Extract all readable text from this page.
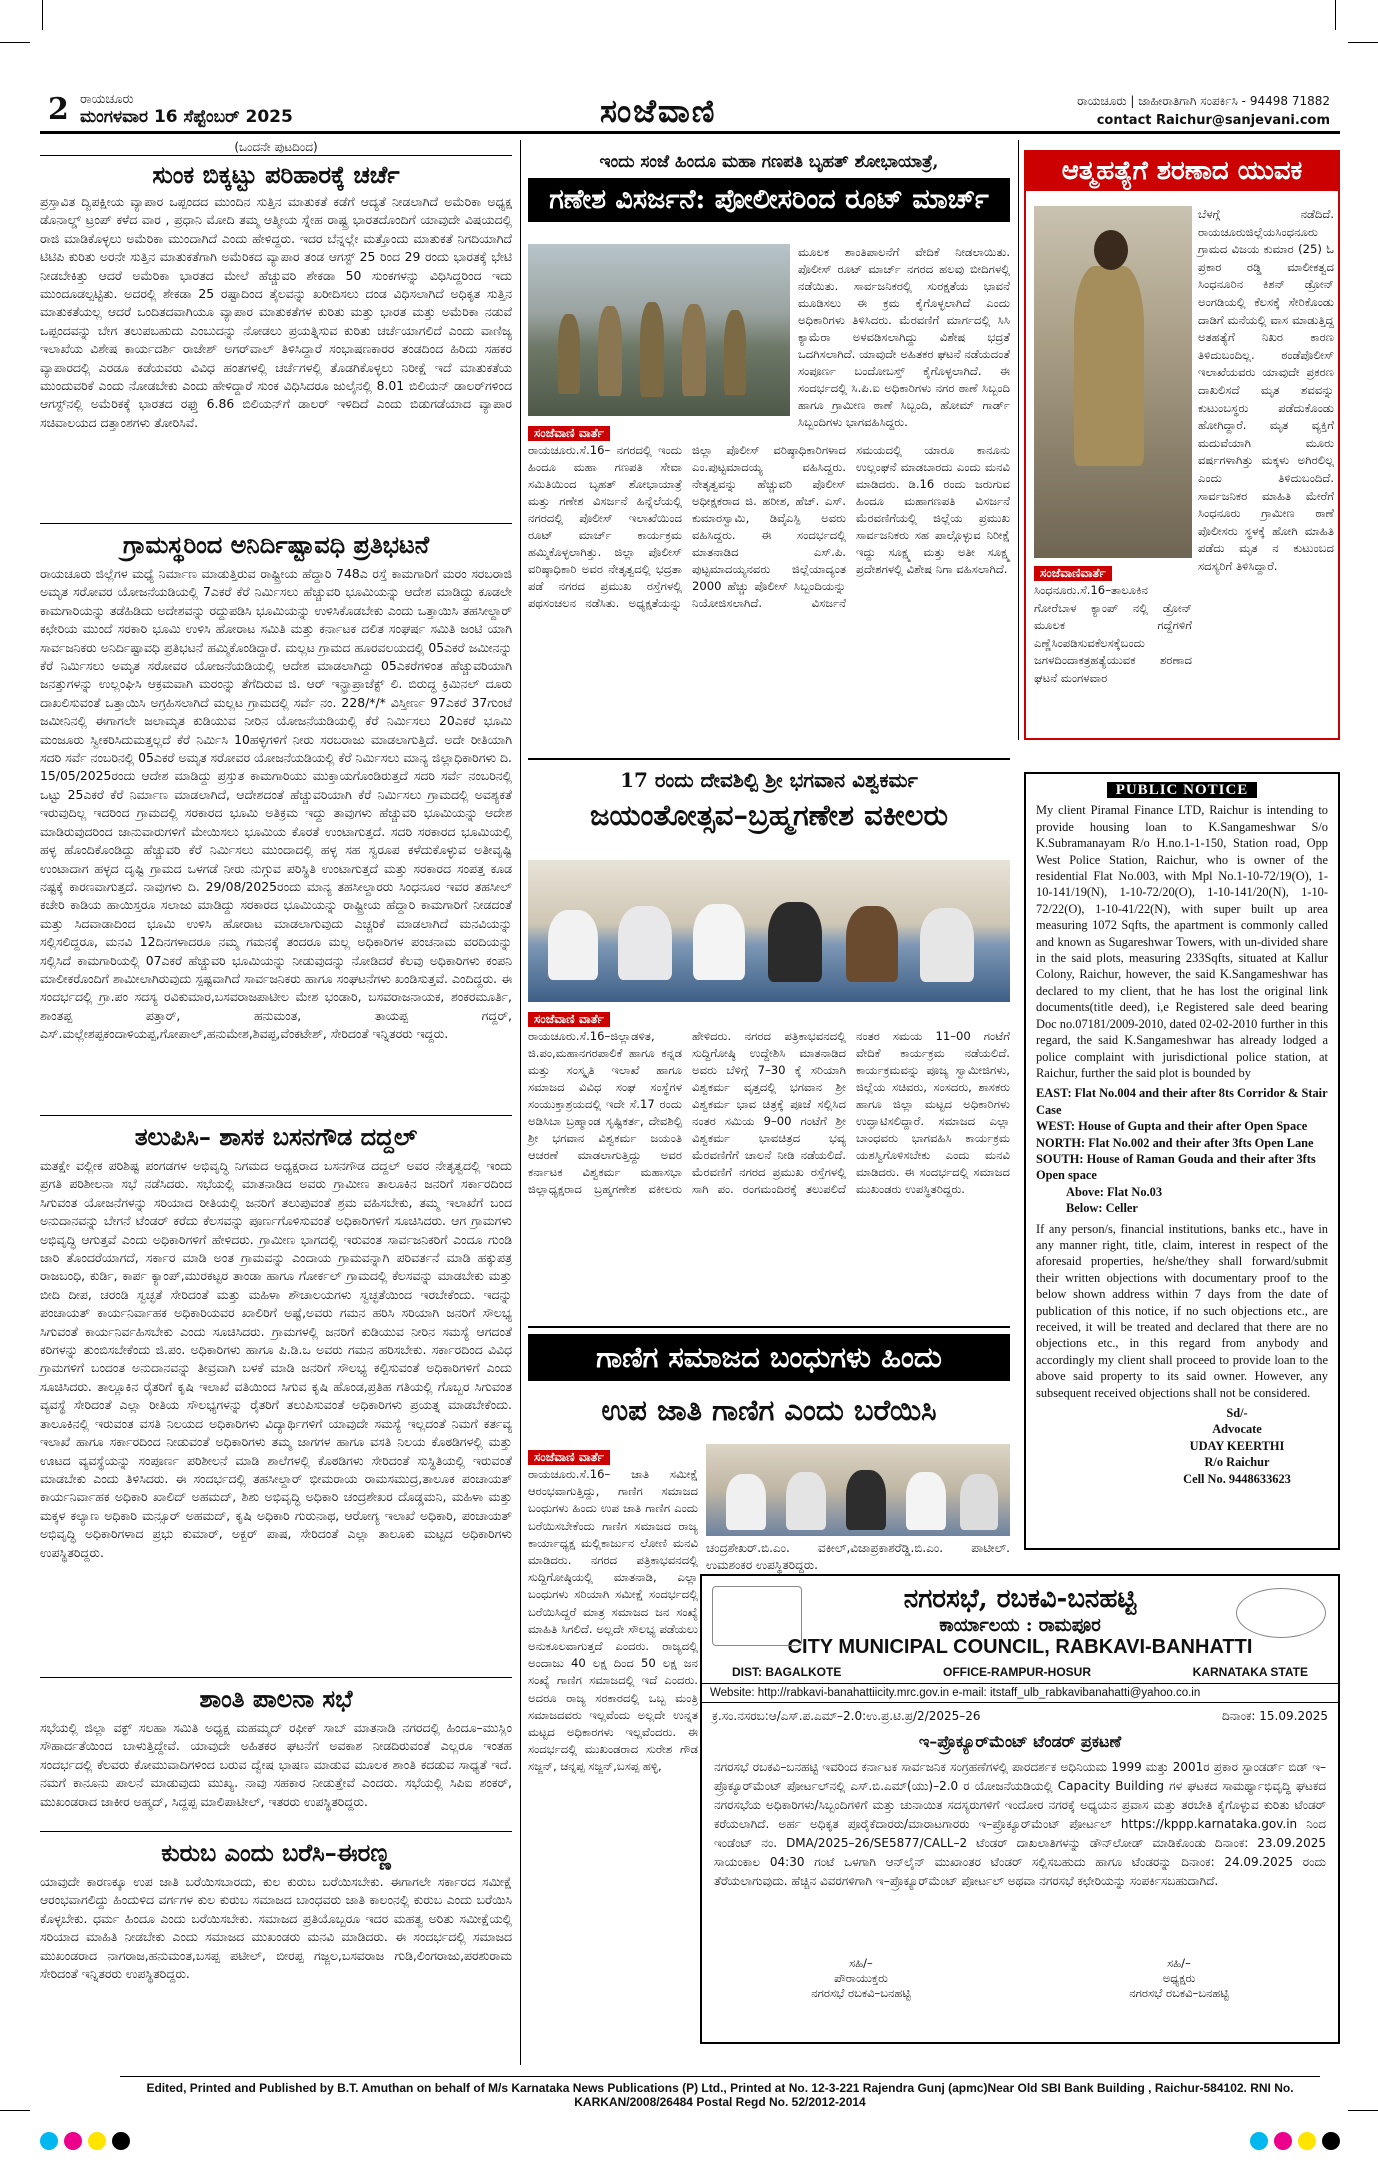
2 ರಾಯಚೂರು
ಮಂಗಳವಾರ 16 ಸೆಪ್ಟೆಂಬರ್ 2025	ಸಂಜೆವಾಣಿ	ರಾಯಚೂರು | ಜಾಹೀರಾತಿಗಾಗಿ ಸಂಪರ್ಕಿಸಿ - 94498 71882
contact Raichur@sanjevani.com
(ಒಂದನೇ ಪುಟದಿಂದ)
ಸುಂಕ ಬಿಕ್ಕಟ್ಟು ಪರಿಹಾರಕ್ಕೆ ಚರ್ಚೆ
ಪ್ರಸ್ತಾವಿತ ದ್ವಿಪಕ್ಷೀಯ ವ್ಯಾಪಾರ ಒಪ್ಪಂದದ ಮುಂದಿನ ಸುತ್ತಿನ ಮಾತುಕತೆ ಕಡೆಗೆ ಆದ್ಯತೆ ನೀಡಲಾಗಿದೆ ಅಮೆರಿಕಾ ಅಧ್ಯಕ್ಷ ಡೊನಾಲ್ಡ್ ಟ್ರಂಪ್ ಕಳೆದ ವಾರ , ಪ್ರಧಾನಿ ಮೋದಿ ತಮ್ಮ ಆತ್ಮೀಯ ಸ್ನೇಹ ರಾಷ್ಟ್ರ ಭಾರತದೊಂದಿಗೆ ಯಾವುದೇ ವಿಷಯದಲ್ಲಿ ರಾಜಿ ಮಾಡಿಕೊಳ್ಳಲು ಅಮೆರಿಕಾ ಮುಂದಾಗಿದೆ ಎಂದು ಹೇಳಿದ್ದರು. ಇದರ ಬೆನ್ನಲ್ಲೇ ಮತ್ತೊಂದು ಮಾತುಕತೆ ನಿಗದಿಯಾಗಿದೆ ಟಿಟಿಪಿ ಕುರಿತು ಅರನೇ ಸುತ್ತಿನ ಮಾತುಕತೆಗಾಗಿ ಅಮೆರಿಕದ ವ್ಯಾಪಾರ ತಂಡ ಆಗಸ್ಟ್ 25 ರಿಂದ 29 ರಂದು ಭಾರತಕ್ಕೆ ಭೇಟಿ ನೀಡಬೇಕಿತ್ತು ಆದರೆ ಅಮೆರಿಕಾ ಭಾರತದ ಮೇಲೆ ಹೆಚ್ಚುವರಿ ಶೇಕಡಾ 50 ಸುಂಕಗಳನ್ನು ವಿಧಿಸಿದ್ದರಿಂದ ಇದು ಮುಂದೂಡಲ್ಪಟ್ಟಿತು. ಅದರಲ್ಲಿ ಶೇಕಡಾ 25 ರಷ್ಟಾದಿಂದ ತೈಲವನ್ನು ಖರೀದಿಸಲು ದಂಡ ವಿಧಿಸಲಾಗಿದೆ ಅಧಿಕೃತ ಸುತ್ತಿನ ಮಾತುಕತೆಯಲ್ಲ ಆದರೆ ಒಂದಿತದವಾಗಿಯೂ ವ್ಯಾಪಾರ ಮಾತುಕತೆಗಳ ಕುರಿತು ಮತ್ತು ಭಾರತ ಮತ್ತು ಅಮೆರಿಕಾ ನಡುವೆ ಒಪ್ಪಂದವನ್ನು ಬೇಗ ತಲುಪಬಹುದು ಎಂಬುದನ್ನು ನೋಡಲು ಪ್ರಯತ್ನಿಸುವ ಕುರಿತು ಚರ್ಚೆಯಾಗಲಿದೆ ಎಂದು ವಾಣಿಜ್ಯ ಇಲಾಖೆಯ ವಿಶೇಷ ಕಾರ್ಯದರ್ಶಿ ರಾಜೇಶ್ ಅಗರ್‌ವಾಲ್ ತಿಳಿಸಿದ್ದಾರೆ ಸಂಭಾಷಣಕಾರರ ತಂಡದಿಂದ ಹಿರಿದು ಸಹಕರ ವ್ಯಾಪಾರದಲ್ಲಿ ಎರಡೂ ಕಡೆಯವರು ವಿವಿಧ ಹಂತಗಳಲ್ಲಿ ಚರ್ಚೆಗಳಲ್ಲಿ ತೊಡಗಿಕೊಳ್ಳಲು ನಿರೀಕ್ಷೆ ಇದೆ ಮಾತುಕತೆಯ ಮುಂದುವರಿಕೆ ಎಂದು ನೋಡಬೇಕು ಎಂದು ಹೇಳಿದ್ದಾರೆ ಸುಂಕ ವಿಧಿಸಿದರೂ ಜುಲೈನಲ್ಲಿ 8.01 ಬಿಲಿಯನ್ ಡಾಲರ್‌ಗಳಿಂದ ಆಗಸ್ಟ್‌ನಲ್ಲಿ ಅಮೆರಿಕಕ್ಕೆ ಭಾರತದ ರಫ್ತು 6.86 ಬಿಲಿಯನ್‌ಗೆ ಡಾಲರ್ ಇಳಿದಿದೆ ಎಂದು ಬಿಡುಗಡೆಯಾದ ವ್ಯಾಪಾರ ಸಚಿವಾಲಯದ ದತ್ತಾಂಶಗಳು ತೋರಿಸಿವೆ.
ಗ್ರಾಮಸ್ಥರಿಂದ ಅನಿರ್ದಿಷ್ಟಾವಧಿ ಪ್ರತಿಭಟನೆ
ರಾಯಚೂರು ಜಿಲ್ಲೆಗಳ ಮಧ್ಯೆ ನಿರ್ಮಾಣ ಮಾಡುತ್ತಿರುವ ರಾಷ್ಟ್ರೀಯ ಹೆದ್ದಾರಿ 748ಎ ರಸ್ತೆ ಕಾಮಗಾರಿಗೆ ಮರಂ ಸರಬರಾಜಿ ಅಮೃತ ಸರೋವರ ಯೋಜನೆಯಡಿಯಲ್ಲಿ 7ಎಕರೆ ಕೆರೆ ನಿರ್ಮಿಸಲು ಹೆಚ್ಚುವರಿ ಭೂಮಿಯನ್ನು ಆದೇಶ ಮಾಡಿದ್ದು ಕೂಡಲೇ ಕಾಮಗಾರಿಯನ್ನು ತಡೆಹಿಡಿದು ಅದೇಶವನ್ನು ರದ್ದುಪಡಿಸಿ ಭೂಮಿಯನ್ನು ಉಳಿಸಿಕೊಡಬೇಕು ಎಂದು ಒತ್ತಾಯಿಸಿ ತಹಸೀಲ್ದಾರ್ ಕಛೇರಿಯ ಮುಂದೆ ಸರಕಾರಿ ಭೂಮಿ ಉಳಿಸಿ ಹೋರಾಟ ಸಮಿತಿ ಮತ್ತು ಕರ್ನಾಟಕ ದಲಿತ ಸಂಘರ್ಷ ಸಮಿತಿ ಜಂಟಿ ಯಾಗಿ ಸಾರ್ವಜನಿಕರು ಅನಿರ್ದಿಷ್ಟಾವಧಿ ಪ್ರತಿಭಟನೆ ಹಮ್ಮಿಕೊಂಡಿದ್ದಾರೆ. ಮಲ್ಲಟ ಗ್ರಾಮದ ಹೂರವಲಯದಲ್ಲಿ 05ಎಕರೆ ಜಮೀನನ್ನು ಕೆರೆ ನಿರ್ಮಿಸಲು ಅಮೃತ ಸರೋವರ ಯೋಜನೆಯಡಿಯಲ್ಲಿ ಆದೇಶ ಮಾಡಲಾಗಿದ್ದು 05ಎಕರೆಗಳಿಂತ ಹೆಚ್ಚುವರಿಯಾಗಿ ಜನತ್ತುಗಳನ್ನು ಉಲ್ಲಂಘಿಸಿ ಆಕ್ರಮವಾಗಿ ಮರಂನ್ನು ತೆಗೆದಿರುವ ಜಿ. ಆರ್ ಇನ್ಫ್ರಾಪ್ರಾಜೆಕ್ಟ್ ಲಿ. ಬಿರುದ್ಧ ಕ್ರಿಮಿನಲ್ ದೂರು ದಾಖಲಿಸುವಂತೆ ಒತ್ತಾಯಿಸಿ ಅಗ್ರಹಿಸಲಾಗಿದೆ ಮಲ್ಲಟ ಗ್ರಾಮದಲ್ಲಿ ಸರ್ವೆ ನಂ. 228/*/* ವಿಸ್ತೀರ್ಣ 97ಎಕರೆ 37ಗುಂಟೆ ಜಮೀನಿನಲ್ಲಿ ಈಗಾಗಲೇ ಜಲಾಮೃತ ಕುಡಿಯುವ ನೀರಿನ ಯೋಜನೆಯಡಿಯಲ್ಲಿ ಕೆರೆ ನಿರ್ಮಿಸಲು 20ಎಕರೆ ಭೂಮಿ ಮಂಜೂರು ಸ್ವೀಕರಿಸಿದುಮತ್ತಲ್ಲದೆ ಕೆರೆ ನಿರ್ಮಿಸಿ 10ಹಳ್ಳಿಗಳಿಗೆ ನೀರು ಸರಬರಾಜು ಮಾಡಲಾಗುತ್ತಿದೆ. ಅದೇ ರೀತಿಯಾಗಿ ಸದರಿ ಸರ್ವೆ ನಂಬರಿನಲ್ಲಿ 05ಎಕರೆ ಅಮೃತ ಸರೋವರ ಯೋಜನೆಯಡಿಯಲ್ಲಿ ಕೆರೆ ನಿರ್ಮಿಸಲು ಮಾನ್ಯ ಜಿಲ್ಲಾಧಿಕಾರಿಗಳು ದಿ. 15/05/2025ರಂದು ಆದೇಶ ಮಾಡಿದ್ದು ಪ್ರಸ್ತುತ ಕಾಮಗಾರಿಯು ಮುಕ್ತಾಯಗೊಂಡಿರುತ್ತದೆ ಸದರಿ ಸರ್ವೆ ನಂಬರಿನಲ್ಲಿ ಒಟ್ಟು 25ಎಕರೆ ಕೆರೆ ನಿರ್ಮಾಣ ಮಾಡಲಾಗಿದೆ, ಆದೇಶದಂತೆ ಹೆಚ್ಚುವರಿಯಾಗಿ ಕೆರೆ ನಿರ್ಮಿಸಲು ಗ್ರಾಮದಲ್ಲಿ ಅವಶ್ಯಕತೆ ಇರುವುದಿಲ್ಲ ಇದರಿಂದ ಗ್ರಾಮದಲ್ಲಿ ಸರಕಾರದ ಭೂಮಿ ಅತಿಕ್ರಮ ಇದ್ದು ತಾವುಗಳು ಹೆಚ್ಚುವರಿ ಭೂಮಿಯನ್ನು ಆದೇಶ ಮಾಡಿರುವುದರಿಂದ ಜಾನುವಾರುಗಳಿಗೆ ಮೇಯಿಸಲು ಭೂಮಿಯ ಕೊರತೆ ಉಂಟಾಗುತ್ತದೆ. ಸದರಿ ಸರಕಾರದ ಭೂಮಿಯಲ್ಲಿ ಹಳ್ಳ ಹೊಂದಿಕೊಂಡಿದ್ದು ಹೆಚ್ಚುವರಿ ಕೆರೆ ನಿರ್ಮಿಸಲು ಮುಂದಾದಲ್ಲಿ ಹಳ್ಳ ಸಹ ಸ್ವರೂಪ ಕಳೆದುಕೊಳ್ಳುವ ಅತೀವೃಷ್ಟಿ ಉಂಟಾದಾಗ ಹಳ್ಳದ ದೃಷ್ಟಿ ಗ್ರಾಮದ ಒಳಗಡೆ ನೀರು ನುಗ್ಗುವ ಪರಿಸ್ಥಿತಿ ಉಂಟಾಗುತ್ತದೆ ಮತ್ತು ಸರಕಾರದ ಸಂಪತ್ತ ಕೂಡ ನಷ್ಟಕ್ಕೆ ಕಾರಣವಾಗುತ್ತದೆ. ನಾವುಗಳು ದಿ. 29/08/2025ರಂದು ಮಾನ್ಯ ತಹಸೀಲ್ದಾರರು ಸಿಂಧನೂರ ಇವರ ತಹಸೀಲ್ ಕಚೇರಿ ಕಾಡಿಯ ಹಾಯಿಸ್ತರೂ ಸಲಾಜು ಮಾಡಿದ್ದು ಸರಕಾರದ ಭೂಮಿಯನ್ನು ರಾಷ್ಟ್ರೀಯ ಹೆದ್ದಾರಿ ಕಾಮಗಾರಿಗೆ ನೀಡದಂತೆ ಮತ್ತು ಸಿದವಾಡಾದಿಂದ ಭೂಮಿ ಉಳಿಸಿ ಹೋರಾಟ ಮಾಡಲಾಗುವುದು ಎಚ್ಚರಿಕೆ ಮಾಡಲಾಗಿದೆ ಮನವಿಯನ್ನು ಸಲ್ಲಿಸಲಿದ್ದರೂ, ಮನವಿ 12ದಿನಗಳಾದರೂ ನಮ್ಮ ಗಮನಕ್ಕೆ ತಂದರೂ ಮಲ್ಲ ಅಧಿಕಾರಿಗಳ ಪಂಚನಾಮ ವರದಿಯನ್ನು ಸಲ್ಲಿಸಿದೆ ಕಾಮಗಾರಿಯಲ್ಲಿ 07ಎಕರೆ ಹೆಚ್ಚುವರಿ ಭೂಮಿಯನ್ನು ನೀಡುವುದನ್ನು ನೋಡಿದರೆ ಕೆಲವು ಅಧಿಕಾರಿಗಳು ಕಂಪನಿ ಮಾಲೀಕರೊಂದಿಗೆ ಶಾಮೀಲಾಗಿರುವುದು ಸ್ಪಷ್ಟವಾಗಿದೆ ಸಾರ್ವಜನಿಕರು ಹಾಗೂ ಸಂಘಟನೆಗಳು ಖಂಡಿಸುತ್ತವೆ. ಎಂದಿದ್ದರು. ಈ ಸಂದರ್ಭದಲ್ಲಿ ಗ್ರಾ.ಪಂ ಸದಸ್ಯ ರವಿಕುಮಾರ,ಬಸವರಾಜಪಾಟೀಲ ಮೇಶ ಭಂಡಾರಿ, ಬಸವರಾಜನಾಯಕ, ಶಂಕರಮೂರ್ತಿ, ಶಾಂತಪ್ಪ ಪತ್ತಾರ್, ಹನುಮಂತ, ತಾಯಪ್ಪ ಗದ್ದರ್, ಎಸ್.ಮಲ್ಲೇಶಪ್ಪಕಂದಾಳಿಯಪ್ಪ,ಗೋಪಾಲ್,ಹನುಮೇಶ,ಶಿವಪ್ಪ,ವೆಂಕಟೇಶ್, ಸೇರಿದಂತೆ ಇನ್ನಿತರರು ಇದ್ದರು.
ತಲುಪಿಸಿ– ಶಾಸಕ ಬಸನಗೌಡ ದದ್ದಲ್
ಮತಕ್ಷೇ ವಲ್ಲೀಕ ಪರಿಶಿಷ್ಟ ಪಂಗಡಗಳ ಅಭಿವೃದ್ಧಿ ನಿಗಮದ ಅಧ್ಯಕ್ಷರಾದ ಬಸನಗೌಡ ದದ್ದಲ್ ಅವರ ನೇತೃತ್ವದಲ್ಲಿ ಇಂದು ಪ್ರಗತಿ ಪರಿಶೀಲನಾ ಸಭೆ ನಡೆಸಿದರು. ಸಭೆಯಲ್ಲಿ ಮಾತನಾಡಿದ ಅವರು ಗ್ರಾಮೀಣ ತಾಲೂಕಿನ ಜನರಿಗೆ ಸರ್ಕಾರದಿಂದ ಸಿಗುವಂತ ಯೋಜನೆಗಳನ್ನು ಸರಿಯಾದ ರೀತಿಯಲ್ಲಿ ಜನರಿಗೆ ತಲುಪುವಂತೆ ಶ್ರಮ ವಹಿಸಬೇಕು, ತಮ್ಮ ಇಲಾಖೆಗೆ ಬಂದ ಅನುದಾನವನ್ನು ಬೇಗನೆ ಟೆಂಡರ್ ಕರೆದು ಕೆಲಸವನ್ನು ಪೂರ್ಣಗೊಳಿಸುವಂತೆ ಅಧಿಕಾರಿಗಳಿಗೆ ಸೂಚಿಸಿದರು. ಆಗ ಗ್ರಾಮಗಳು ಅಭಿವೃದ್ಧಿ ಆಗುತ್ತವೆ ಎಂದು ಅಧಿಕಾರಿಗಳಿಗೆ ಹೇಳಿದರು. ಗ್ರಾಮೀಣ ಭಾಗದಲ್ಲಿ ಇರುವಂತ ಸಾರ್ವಜನಿಕರಿಗೆ ಎಂದೂ ಗುಂಡಿ ಜಾರಿ ತೊಂದರೆಯಾಗದೆ, ಸರ್ಕಾರ ಮಾಡಿ ಅಂತ ಗ್ರಾಮವನ್ನು ಎಂದಾಯ ಗ್ರಾಮವನ್ನಾಗಿ ಪರಿವರ್ತನೆ ಮಾಡಿ ಹಕ್ಕುಪತ್ರ ರಾಜಬಂಧಿ, ಕುರ್ಡಿ, ಕಾರ್ಪ ಕ್ಯಾಂಪ್,ಮುರಕಟ್ಟರ ತಾಂಡಾ ಹಾಗೂ ಗೋರ್ಕಲ್ ಗ್ರಾಮದಲ್ಲಿ ಕೆಲಸವನ್ನು ಮಾಡಬೇಕು ಮತ್ತು ಬೀದಿ ದೀಪ, ಚರಂಡಿ ಸ್ವಚ್ಛತೆ ಸೇರಿದಂತೆ ಮತ್ತು ಮಹಿಳಾ ಶೌಚಾಲಯಗಳು ಸ್ವಚ್ಛತೆಯಿಂದ ಇರಬೇಕೆಂದು. ಇದನ್ನು ಪಂಚಾಯತ್ ಕಾರ್ಯನಿರ್ವಾಹಕ ಅಧಿಕಾರಿಯವರ ಖಾಲಿರಿಗೆ ಅಷ್ಟೆ,ಅವರು ಗಮನ ಹರಿಸಿ ಸರಿಯಾಗಿ ಜನರಿಗೆ ಸೌಲಭ್ಯ ಸಿಗುವಂತೆ ಕಾರ್ಯನಿರ್ವಹಿಸಬೇಕು ಎಂದು ಸೂಚಿಸಿದರು. ಗ್ರಾಮಗಳಲ್ಲಿ ಜನರಿಗೆ ಕುಡಿಯುವ ನೀರಿನ ಸಮಸ್ಯೆ ಆಗದಂತೆ ಕರಿಗಳನ್ನು ತುಂಬಿಸಬೇಕೆಂದು ಜಿ.ಪಂ. ಅಧಿಕಾರಿಗಳು ಹಾಗೂ ಪಿ.ಡಿ.ಒ ಅವರು ಗಮನ ಹರಿಸಬೇಕು. ಸರ್ಕಾರದಿಂದ ವಿವಿಧ ಗ್ರಾಮಗಳಿಗೆ ಬಂದಂತ ಅನುದಾನವನ್ನು ತೀವ್ರವಾಗಿ ಬಳಕೆ ಮಾಡಿ ಜನರಿಗೆ ಸೌಲಭ್ಯ ಕಲ್ಪಿಸುವಂತೆ ಅಧಿಕಾರಿಗಳಿಗೆ ಎಂದು ಸೂಚಿಸಿದರು. ತಾಲ್ಲೂಕಿನ ರೈತರಿಗೆ ಕೃಷಿ ಇಲಾಖೆ ವತಿಯಿಂದ ಸಿಗುವ ಕೃಷಿ ಹೊಂಡ,ಪ್ರತಿಹ ಗತಿಯಲ್ಲಿ ಗೊಬ್ಬರ ಸಿಗುವಂತ ವ್ಯವಸ್ಥೆ ಸೇರಿದಂತೆ ಎಲ್ಲಾ ರೀತಿಯ ಸೌಲಭ್ಯಗಳನ್ನು ರೈತರಿಗೆ ತಲುಪಿಸುವಂತೆ ಅಧಿಕಾರಿಗಳು ಪ್ರಯತ್ನ ಮಾಡಬೇಕೆಂದು. ತಾಲೂಕಿನಲ್ಲಿ ಇರುವಂತ ವಸತಿ ನಿಲಯದ ಅಧಿಕಾರಿಗಳು ವಿದ್ಯಾರ್ಥಿಗಳಿಗೆ ಯಾವುದೇ ಸಮಸ್ಯೆ ಇಲ್ಲದಂತೆ ನಿಮಗೆ ಕರ್ತವ್ಯ ಇಲಾಖೆ ಹಾಗೂ ಸರ್ಕಾರದಿಂದ ನೀಡುವಂತೆ ಅಧಿಕಾರಿಗಳು ತಮ್ಮ ಜಾಗಗಳ ಹಾಗೂ ವಸತಿ ನಿಲಯ ಕೊಠಡಿಗಳಲ್ಲಿ ಮತ್ತು ಊಟದ ವ್ಯವಸ್ಥೆಯನ್ನು ಸಂಪೂರ್ಣ ಪರಿಶೀಲನೆ ಮಾಡಿ ಶಾಲೆಗಳಲ್ಲಿ ಕೊಠಡಿಗಳು ಸೇರಿದಂತೆ ಸುಸ್ಥಿತಿಯಲ್ಲಿ ಇರುವಂತೆ ಮಾಡಬೇಕು ಎಂದು ತಿಳಿಸಿದರು. ಈ ಸಂದರ್ಭದಲ್ಲಿ ತಹಸೀಲ್ದಾರ್ ಭೀಮರಾಯ ರಾಮಸಮುದ್ರ,ತಾಲೂಕ ಪಂಚಾಯತ್ ಕಾರ್ಯನಿರ್ವಾಹಕ ಅಧಿಕಾರಿ ಖಾಲಿದ್ ಅಹಮದ್, ಶಿಶು ಅಭಿವೃದ್ಧಿ ಅಧಿಕಾರಿ ಚಂದ್ರಶೇಖರ ದೊಡ್ಡಮನಿ, ಮಹಿಳಾ ಮತ್ತು ಮಕ್ಕಳ ಕಲ್ಯಾಣ ಅಧಿಕಾರಿ ಮನ್ಸೂರ್ ಅಹಮದ್, ಕೃಷಿ ಅಧಿಕಾರಿ ಗುರುನಾಥ, ಆರೋಗ್ಯ ಇಲಾಖೆ ಅಧಿಕಾರಿ, ಪಂಚಾಯತ್ ಅಭಿವೃದ್ಧಿ ಅಧಿಕಾರಿಗಳಾದ ಪ್ರಭು ಕುಮಾರ್, ಅಕ್ಬರ್ ಪಾಷ, ಸೇರಿದಂತೆ ಎಲ್ಲಾ ತಾಲೂಕು ಮಟ್ಟದ ಅಧಿಕಾರಿಗಳು ಉಪಸ್ಥಿತರಿದ್ದರು.
ಶಾಂತಿ ಪಾಲನಾ ಸಭೆ
ಸಭೆಯಲ್ಲಿ ಜಿಲ್ಲಾ ವಕ್ಫ್ ಸಲಹಾ ಸಮಿತಿ ಅಧ್ಯಕ್ಷ ಮಹಮ್ಮದ್ ರಫೀಕ್ ಸಾಬ್ ಮಾತನಾಡಿ ನಗರದಲ್ಲಿ ಹಿಂದೂ–ಮುಸ್ಲಿಂ ಸೌಹಾರ್ದತೆಯಿಂದ ಬಾಳುತ್ತಿದ್ದೇವೆ. ಯಾವುದೇ ಅಹಿತಕರ ಘಟನೆಗೆ ಅವಕಾಶ ನೀಡದಿರುವಂತೆ ಎಲ್ಲರೂ ಇಂತಹ ಸಂದರ್ಭದಲ್ಲಿ ಕೆಲವರು ಕೋಮುವಾದಿಗಳಿಂದ ಬರುವ ದ್ವೇಷ ಭಾಷಣ ಮಾಡುವ ಮೂಲಕ ಶಾಂತಿ ಕದಡುವ ಸಾಧ್ಯತೆ ಇದೆ. ನಮಗೆ ಕಾನೂನು ಪಾಲನೆ ಮಾಡುವುದು ಮುಖ್ಯ. ನಾವು ಸಹಕಾರ ನೀಡುತ್ತೇವೆ ಎಂದರು. ಸಭೆಯಲ್ಲಿ ಸಿಪಿಐ ಶಂಕರ್, ಮುಖಂಡರಾದ ಜಾಕೀರ ಅಹ್ಮದ್, ಸಿದ್ದಪ್ಪ ಮಾಲಿಪಾಟೀಲ್, ಇತರರು ಉಪಸ್ಥಿತರಿದ್ದರು.
ಕುರುಬ ಎಂದು ಬರೆಸಿ–ಈರಣ್ಣ
ಯಾವುದೇ ಕಾರಣಕ್ಕೂ ಉಪ ಜಾತಿ ಬರೆಯಿಸಬಾರದು, ಕುಲ ಕುರುಬ ಬರೆಯಿಸಬೇಕು. ಈಗಾಗಲೇ ಸರ್ಕಾರದ ಸಮೀಕ್ಷೆ ಆರಂಭವಾಗಲಿದ್ದು ಹಿಂದುಳಿದ ವರ್ಗಗಳ ಕುಲ ಕುರುಬ ಸಮಾಜದ ಬಾಂಧವರು ಜಾತಿ ಕಾಲಂನಲ್ಲಿ ಕುರುಬ ಎಂದು ಬರೆಯಿಸಿ ಕೊಳ್ಳಬೇಕು. ಧರ್ಮ ಹಿಂದೂ ಎಂದು ಬರೆಯಿಸಬೇಕು. ಸಮಾಜದ ಪ್ರತಿಯೊಬ್ಬರೂ ಇದರ ಮಹತ್ವ ಅರಿತು ಸಮೀಕ್ಷೆಯಲ್ಲಿ ಸರಿಯಾದ ಮಾಹಿತಿ ನೀಡಬೇಕು ಎಂದು ಸಮಾಜದ ಮುಖಂಡರು ಮನವಿ ಮಾಡಿದರು. ಈ ಸಂದರ್ಭದಲ್ಲಿ ಸಮಾಜದ ಮುಖಂಡರಾದ ನಾಗರಾಜ,ಹನುಮಂತ,ಬಸಪ್ಪ ಪಟೀಲ್, ಬೀರಪ್ಪ ಗಜ್ಜಲ,ಬಸವರಾಜ ಗುಡಿ,ಲಿಂಗರಾಜು,ಪರಶುರಾಮ ಸೇರಿದಂತೆ ಇನ್ನಿತರರು ಉಪಸ್ಥಿತರಿದ್ದರು.
ಇಂದು ಸಂಜೆ ಹಿಂದೂ ಮಹಾ ಗಣಪತಿ ಬೃಹತ್ ಶೋಭಾಯಾತ್ರೆ,
ಗಣೇಶ ವಿಸರ್ಜನೆ: ಪೋಲೀಸರಿಂದ ರೂಟ್ ಮಾರ್ಚ್
ಮೂಲಕ ಶಾಂತಿಪಾಲನೆಗೆ ವೇದಿಕೆ ನೀಡಲಾಯಿತು. ಪೊಲೀಸ್ ರೂಟ್ ಮಾರ್ಚ್ ನಗರದ ಹಲವು ಬೀದಿಗಳಲ್ಲಿ ನಡೆಯಿತು. ಸಾರ್ವಜನಿಕರಲ್ಲಿ ಸುರಕ್ಷತೆಯ ಭಾವನೆ ಮೂಡಿಸಲು ಈ ಕ್ರಮ ಕೈಗೊಳ್ಳಲಾಗಿದೆ ಎಂದು ಅಧಿಕಾರಿಗಳು ತಿಳಿಸಿದರು. ಮೆರವಣಿಗೆ ಮಾರ್ಗದಲ್ಲಿ ಸಿಸಿ ಕ್ಯಾಮೆರಾ ಅಳವಡಿಸಲಾಗಿದ್ದು ವಿಶೇಷ ಭದ್ರತೆ ಒದಗಿಸಲಾಗಿದೆ. ಯಾವುದೇ ಅಹಿತಕರ ಘಟನೆ ನಡೆಯದಂತೆ ಸಂಪೂರ್ಣ ಬಂದೋಬಸ್ತ್ ಕೈಗೊಳ್ಳಲಾಗಿದೆ. ಈ ಸಂದರ್ಭದಲ್ಲಿ ಸಿ.ಪಿ.ಐ ಅಧಿಕಾರಿಗಳು ನಗರ ಠಾಣೆ ಸಿಬ್ಬಂದಿ ಹಾಗೂ ಗ್ರಾಮೀಣ ಠಾಣೆ ಸಿಬ್ಬಂದಿ, ಹೋಮ್ ಗಾರ್ಡ್ ಸಿಬ್ಬಂದಿಗಳು ಭಾಗವಹಿಸಿದ್ದರು.
ಸಂಜೆವಾಣಿ ವಾರ್ತೆ
ರಾಯಚೂರು.ಸೆ.16– ನಗರದಲ್ಲಿ ಇಂದು ಹಿಂದೂ ಮಹಾ ಗಣಪತಿ ಸೇವಾ ಸಮಿತಿಯಿಂದ ಬೃಹತ್ ಶೋಭಾಯಾತ್ರೆ ಮತ್ತು ಗಣೇಶ ವಿಸರ್ಜನೆ ಹಿನ್ನೆಲೆಯಲ್ಲಿ ನಗರದಲ್ಲಿ ಪೊಲೀಸ್ ಇಲಾಖೆಯಿಂದ ರೂಟ್ ಮಾರ್ಚ್ ಕಾರ್ಯಕ್ರಮ ಹಮ್ಮಿಕೊಳ್ಳಲಾಗಿತ್ತು. ಜಿಲ್ಲಾ ಪೊಲೀಸ್ ವರಿಷ್ಠಾಧಿಕಾರಿ ಅವರ ನೇತೃತ್ವದಲ್ಲಿ ಭದ್ರತಾ ಪಡೆ ನಗರದ ಪ್ರಮುಖ ರಸ್ತೆಗಳಲ್ಲಿ ಪಥಸಂಚಲನ ನಡೆಸಿತು. ಅಧ್ಯಕ್ಷತೆಯನ್ನು ಜಿಲ್ಲಾ ಪೊಲೀಸ್ ವರಿಷ್ಠಾಧಿಕಾರಿಗಳಾದ ಎಂ.ಪುಟ್ಟಮಾದಯ್ಯ ವಹಿಸಿದ್ದರು. ನೇತೃತ್ವವನ್ನು ಹೆಚ್ಚುವರಿ ಪೊಲೀಸ್ ಅಧೀಕ್ಷಕರಾದ ಜಿ. ಹರೀಶ, ಹೆಚ್. ಎಸ್. ಕುಮಾರಸ್ವಾಮಿ, ಡಿವೈಎಸ್ಪಿ ಅವರು ವಹಿಸಿದ್ದರು. ಈ ಸಂದರ್ಭದಲ್ಲಿ ಮಾತನಾಡಿದ ಎಸ್.ಪಿ. ಪುಟ್ಟಮಾದಯ್ಯನವರು ಜಿಲ್ಲೆಯಾದ್ಯಂತ 2000 ಹೆಚ್ಚು ಪೊಲೀಸ್ ಸಿಬ್ಬಂದಿಯನ್ನು ನಿಯೋಜಿಸಲಾಗಿದೆ. ವಿಸರ್ಜನೆ ಸಮಯದಲ್ಲಿ ಯಾರೂ ಕಾನೂನು ಉಲ್ಲಂಘನೆ ಮಾಡಬಾರದು ಎಂದು ಮನವಿ ಮಾಡಿದರು. ಡಿ.16 ರಂದು ಜರುಗುವ ಹಿಂದೂ ಮಹಾಗಣಪತಿ ವಿಸರ್ಜನೆ ಮೆರವಣಿಗೆಯಲ್ಲಿ ಜಿಲ್ಲೆಯ ಪ್ರಮುಖ ಸಾರ್ವಜನಿಕರು ಸಹ ಪಾಲ್ಗೊಳ್ಳುವ ನಿರೀಕ್ಷೆ ಇದ್ದು ಸೂಕ್ಷ್ಮ ಮತ್ತು ಅತೀ ಸೂಕ್ಷ್ಮ ಪ್ರದೇಶಗಳಲ್ಲಿ ವಿಶೇಷ ನಿಗಾ ವಹಿಸಲಾಗಿದೆ.
17 ರಂದು ದೇವಶಿಲ್ಪಿ ಶ್ರೀ ಭಗವಾನ ವಿಶ್ವಕರ್ಮ
ಜಯಂತೋತ್ಸವ–ಬ್ರಹ್ಮಗಣೇಶ ವಕೀಲರು
ಸಂಜೆವಾಣಿ ವಾರ್ತೆ
ರಾಯಚೂರು.ಸೆ.16–ಜಿಲ್ಲಾಡಳಿತ, ಜಿ.ಪಂ,ಮಹಾನಗರಪಾಲಿಕೆ ಹಾಗೂ ಕನ್ನಡ ಮತ್ತು ಸಂಸ್ಕೃತಿ ಇಲಾಖೆ ಹಾಗೂ ಸಮಾಜದ ವಿವಿಧ ಸಂಘ ಸಂಸ್ಥೆಗಳ ಸಂಯುಕ್ತಾಶ್ರಯದಲ್ಲಿ ಇದೇ ಸೆ.17 ರಂದು ಅಡಿಸಿಬಾ ಬ್ರಹ್ಮಾಂಡ ಸೃಷ್ಟಿಕರ್ತ, ದೇವಶಿಲ್ಪಿ ಶ್ರೀ ಭಗವಾನ ವಿಶ್ವಕರ್ಮ ಜಯಂತಿ ಆಚರಣೆ ಮಾಡಲಾಗುತ್ತಿದ್ದು ಅವರ ಕರ್ನಾಟಕ ವಿಶ್ವಕರ್ಮ ಮಹಾಸಭಾ ಜಿಲ್ಲಾಧ್ಯಕ್ಷರಾದ ಬ್ರಹ್ಮಗಣೇಶ ವಕೀಲರು ಹೇಳಿದರು. ನಗರದ ಪತ್ರಿಕಾಭವನದಲ್ಲಿ ಸುದ್ದಿಗೋಷ್ಠಿ ಉದ್ದೇಶಿಸಿ ಮಾತನಾಡಿದ ಅವರು ಬೆಳಿಗ್ಗೆ 7–30 ಕ್ಕೆ ಸರಿಯಾಗಿ ವಿಶ್ವಕರ್ಮ ವೃತ್ತದಲ್ಲಿ ಭಗವಾನ ಶ್ರೀ ವಿಶ್ವಕರ್ಮ ಭಾವ ಚಿತ್ರಕ್ಕೆ ಪೂಜೆ ಸಲ್ಲಿಸಿದ ನಂತರ ಸಮಿಯ 9–00 ಗಂಟೆಗೆ ಶ್ರೀ ವಿಶ್ವಕರ್ಮ ಭಾವಚಿತ್ರದ ಭವ್ಯ ಮೆರವಣಿಗೆಗೆ ಚಾಲನೆ ನೀಡಿ ನಡೆಯಲಿದೆ. ಮೆರವಣಿಗೆ ನಗರದ ಪ್ರಮುಖ ರಸ್ತೆಗಳಲ್ಲಿ ಸಾಗಿ ಪಂ. ರಂಗಮಂದಿರಕ್ಕೆ ತಲುಪಲಿದೆ ನಂತರ ಸಮಯ 11–00 ಗಂಟೆಗೆ ವೇದಿಕೆ ಕಾರ್ಯಕ್ರಮ ನಡೆಯಲಿದೆ. ಕಾರ್ಯಕ್ರಮವನ್ನು ಪೂಜ್ಯ ಸ್ವಾಮೀಜಿಗಳು, ಜಿಲ್ಲೆಯ ಸಚಿವರು, ಸಂಸದರು, ಶಾಸಕರು ಹಾಗೂ ಜಿಲ್ಲಾ ಮಟ್ಟದ ಅಧಿಕಾರಿಗಳು ಉದ್ಘಾಟಿಸಲಿದ್ದಾರೆ. ಸಮಾಜದ ಎಲ್ಲಾ ಬಾಂಧವರು ಭಾಗವಹಿಸಿ ಕಾರ್ಯಕ್ರಮ ಯಶಸ್ವಿಗೊಳಿಸಬೇಕು ಎಂದು ಮನವಿ ಮಾಡಿದರು. ಈ ಸಂದರ್ಭದಲ್ಲಿ ಸಮಾಜದ ಮುಖಂಡರು ಉಪಸ್ಥಿತರಿದ್ದರು.
ಗಾಣಿಗ ಸಮಾಜದ ಬಂಧುಗಳು ಹಿಂದು
ಉಪ ಜಾತಿ ಗಾಣಿಗ ಎಂದು ಬರೆಯಿಸಿ
ಸಂಜೆವಾಣಿ ವಾರ್ತೆ
ರಾಯಚೂರು.ಸೆ.16– ಜಾತಿ ಸಮೀಕ್ಷೆ ಆರಂಭವಾಗುತ್ತಿದ್ದು, ಗಾಣಿಗ ಸಮಾಜದ ಬಂಧುಗಳು ಹಿಂದು ಉಪ ಜಾತಿ ಗಾಣಿಗ ಎಂದು ಬರೆಯಿಸಬೇಕೆಂದು ಗಾಣಿಗ ಸಮಾಜದ ರಾಜ್ಯ ಕಾರ್ಯಾಧ್ಯಕ್ಷ ಮಲ್ಲಿಕಾರ್ಜುನ ಲೋಣಿ ಮನವಿ ಮಾಡಿದರು. ನಗರದ ಪತ್ರಿಕಾಭವನದಲ್ಲಿ ಸುದ್ದಿಗೋಷ್ಠಿಯಲ್ಲಿ ಮಾತನಾಡಿ, ಎಲ್ಲಾ ಬಂಧುಗಳು ಸರಿಯಾಗಿ ಸಮೀಕ್ಷೆ ಸಂದರ್ಭದಲ್ಲಿ ಬರೆಯಿಸಿದ್ದರೆ ಮಾತ್ರ ಸಮಾಜದ ಜನ ಸಂಖ್ಯೆ ಮಾಹಿತಿ ಸಿಗಲಿದೆ. ಅಲ್ಲದೇ ಸೌಲಭ್ಯ ಪಡೆಯಲು ಅನುಕೂಲವಾಗುತ್ತದೆ ಎಂದರು. ರಾಜ್ಯದಲ್ಲಿ ಅಂದಾಜು 40 ಲಕ್ಷ ದಿಂದ 50 ಲಕ್ಷ ಜನ ಸಂಖ್ಯೆ ಗಾಣಿಗ ಸಮಾಜದಲ್ಲಿ ಇದೆ ಎಂದರು. ಅದರೂ ರಾಜ್ಯ ಸರಕಾರದಲ್ಲಿ ಒಬ್ಬ ಮಂತ್ರಿ ಸಮಾಜದವರು ಇಲ್ಲವೆಂದು ಅಲ್ಲದೇ ಉನ್ನತ ಮಟ್ಟದ ಅಧಿಕಾರಗಳು ಇಲ್ಲವೆಂದರು. ಈ ಸಂದರ್ಭದಲ್ಲಿ ಮುಖಂಡರಾದ ಸುರೇಶ ಗೌಡ ಸಜ್ಜನ್, ಚನ್ನಪ್ಪ ಸಜ್ಜನ್,ಬಸಪ್ಪ ಹಳ್ಳಿ,
ಚಂದ್ರಶೇಖರ್.ಬಿ.ಎಂ. ವಕೀಲ್,ವಿಜಾಪ್ರಕಾಶರೆಡ್ಡಿ.ಬಿ.ಎಂ. ಪಾಟೀಲ್. ಉಮಶಂಕರ ಉಪಸ್ಥಿತರಿದ್ದರು.
ಆತ್ಮಹತ್ಯೆಗೆ ಶರಣಾದ ಯುವಕ
ಬೆಳಗ್ಗೆ ನಡೆದಿದೆ. ರಾಯಚೂರುಜಿಲ್ಲೆಯಸಿಂಧನೂರು ಗ್ರಾಮದ ವಿಜಯ ಕುಮಾರ (25) ಓ ಪ್ರಕಾರ ರಡ್ಡಿ ಮಾಲೀಕತ್ವದ ಸಿಂಧನೂರಿನ ಕಿಶನ್ ಡ್ರೋನ್ ಅಂಗಡಿಯಲ್ಲಿ ಕೆಲಸಕ್ಕೆ ಸೇರಿಕೊಂಡು ದಾಡಿಗೆ ಮನೆಯಲ್ಲಿ ವಾಸ ಮಾಡುತ್ತಿದ್ದ ಅತಹತ್ಯೆಗೆ ನಿಖರ ಕಾರಣ ತಿಳಿದುಬಂದಿಲ್ಲ. ಠಂಡೆಪೊಲೀಸ್ ಇಲಾಖೆಯವರು ಯಾವುದೇ ಪ್ರಕರಣ ದಾಖಲಿಸದೆ ಮೃತ ಶವವನ್ನು ಕುಟುಂಬಸ್ಥರು ಪಡೆದುಕೊಂಡು ಹೋಗಿದ್ದಾರೆ. ಮೃತ ವ್ಯಕ್ತಿಗೆ ಮದುವೆಯಾಗಿ ಮೂರು ವರ್ಷಗಳಾಗಿತ್ತು ಮಕ್ಕಳು ಅಗಿರಲಿಲ್ಲ ಎಂದು ತಿಳಿದುಬಂದಿದೆ. ಸಾರ್ವಜನಿಕರ ಮಾಹಿತಿ ಮೇರೆಗೆ ಸಿಂಧನೂರು ಗ್ರಾಮೀಣ ಠಾಣೆ ಪೊಲೀಸರು ಸ್ಥಳಕ್ಕೆ ಹೋಗಿ ಮಾಹಿತಿ ಪಡೆದು ಮೃತ ನ ಕುಟುಂಬದ ಸದಸ್ಯರಿಗೆ ತಿಳಿಸಿದ್ದಾರೆ.
ಸಂಜೆವಾಣಿವಾರ್ತೆ
ಸಿಂಧನೂರು.ಸೆ.16–ತಾಲೂಕಿನ ಗೋರೆಬಾಳ ಕ್ಯಾಂಪ್ ನಲ್ಲಿ ಡ್ರೋನ್ ಮೂಲಕ ಗದ್ದೆಗಳಿಗೆ ಎಣ್ಣೆಸಿಂಪಡಿಸುವಕೆಲಸಕ್ಕೆಬಂದು ಜಗಳದಿಂದಾಕತ್ರಹತ್ಯೆಯುವಕ ಶರಣಾದ ಘಟನೆ ಮಂಗಳವಾರ
PUBLIC NOTICE
My client Piramal Finance LTD, Raichur is intending to provide housing loan to K.Sangameshwar S/o K.Subramanayam R/o H.no.1-1-150, Station road, Opp West Police Station, Raichur, who is owner of the residential Flat No.003, with Mpl No.1-10-72/19(O), 1-10-141/19(N), 1-10-72/20(O), 1-10-141/20(N), 1-10-72/22(O), 1-10-41/22(N), with super built up area measuring 1072 Sqfts, the apartment is commonly called and known as Sugareshwar Towers, with un-divided share in the said plots, measuring 233Sqfts, situated at Kallur Colony, Raichur, however, the said K.Sangameshwar has declared to my client, that he has lost the original link documents(title deed), i,e Registered sale deed bearing Doc no.07181/2009-2010, dated 02-02-2010 further in this regard, the said K.Sangameshwar has already lodged a police complaint with jurisdictional police station, at Raichur, further the said plot is bounded by
EAST: Flat No.004 and their after 8ts Corridor & Stair Case
WEST: House of Gupta and their after Open Space
NORTH: Flat No.002 and their after 3fts Open Lane
SOUTH: House of Raman Gouda and their after 3fts Open space
Above: Flat No.03
Below: Celler
If any person/s, financial institutions, banks etc., have in any manner right, title, claim, interest in respect of the aforesaid properties, he/she/they shall forward/submit their written objections with documentary proof to the below shown address within 7 days from the date of publication of this notice, if no such objections etc., are received, it will be treated and declared that there are no objections etc., in this regard from anybody and accordingly my client shall proceed to provide loan to the above said property to its said owner. However, any subsequent received objections shall not be considered.
Sd/-
Advocate
UDAY KEERTHI
R/o Raichur
Cell No. 9448633623
ನಗರಸಭೆ, ರಬಕವಿ-ಬನಹಟ್ಟಿ
ಕಾರ್ಯಾಲಯ : ರಾಮಪೂರ
CITY MUNICIPAL COUNCIL, RABKAVI-BANHATTI
DIST: BAGALKOTE	OFFICE-RAMPUR-HOSUR	KARNATAKA STATE
Website: http://rabkavi-banahattiicity.mrc.gov.in e-mail: itstaff_ulb_rabkavibanahatti@yahoo.co.in
ಕ್ರ.ಸಂ.ನಸರಬ:ಆ/ಎಸ್.ಪ.ಎಮ್–2.0:ಉ.ಪ್ರ.ಟಿ.ಪ್ರ/2/2025–26	ದಿನಾಂಕ: 15.09.2025
ಇ–ಪ್ರೊಕ್ಯೂರ್‌ಮೆಂಟ್ ಟೆಂಡರ್ ಪ್ರಕಟಣೆ
ನಗರಸಭೆ ರಬಕವಿ–ಬನಹಟ್ಟಿ ಇವರಿಂದ ಕರ್ನಾಟಕ ಸಾರ್ವಜನಿಕ ಸಂಗ್ರಹಣೆಗಳಲ್ಲಿ ಪಾರದರ್ಶಕ ಅಧಿನಿಯಮ 1999 ಮತ್ತು 2001ರ ಪ್ರಕಾರ ಸ್ಟಾಂಡರ್ಡ್ ಬಿಡ್ ಇ–ಪ್ರೊಕ್ಯೂರ್‌ಮೆಂಟ್ ಪೋರ್ಟಲ್‌ನಲ್ಲಿ ಎಸ್.ಬಿ.ಎಮ್(ಯು)–2.0 ರ ಯೋಜನೆಯಡಿಯಲ್ಲಿ Capacity Building ಗಳ ಘಟಕದ ಸಾಮರ್ಥ್ಯಾಭಿವೃದ್ಧಿ ಘಟಕದ ನಗರಸಭೆಯ ಅಧಿಕಾರಿಗಳು/ಸಿಬ್ಬಂದಿಗಳಿಗೆ ಮತ್ತು ಚುನಾಯಿತ ಸದಸ್ಯರುಗಳಿಗೆ ಇಂದೋರ ನಗರಕ್ಕೆ ಅಧ್ಯಯನ ಪ್ರವಾಸ ಮತ್ತು ತರಬೇತಿ ಕೈಗೊಳ್ಳುವ ಕುರಿತು ಟೆಂಡರ್ ಕರೆಯಲಾಗಿದೆ. ಅರ್ಹ ಅಧಿಕೃತ ಪೂರೈಕೆದಾರರು/ಮಾರಾಟಗಾರರು ಇ–ಪ್ರೊಕ್ಯೂರ್‌ಮೆಂಟ್ ಪೋರ್ಟಲ್ https://kppp.karnataka.gov.in ನಿಂದ ಇಂಡೆಂಟ್ ನಂ. DMA/2025–26/SE5877/CALL–2 ಟೆಂಡರ್ ದಾಖಲಾತಿಗಳನ್ನು ಡೌನ್‌ಲೋಡ್ ಮಾಡಿಕೊಂಡು ದಿನಾಂಕ: 23.09.2025 ಸಾಯಂಕಾಲ 04:30 ಗಂಟೆ ಒಳಗಾಗಿ ಆನ್‌ಲೈನ್ ಮುಖಾಂತರ ಟೆಂಡರ್ ಸಲ್ಲಿಸಬಹುದು ಹಾಗೂ ಟೆಂಡರನ್ನು ದಿನಾಂಕ: 24.09.2025 ರಂದು ತೆರೆಯಲಾಗುವುದು. ಹೆಚ್ಚಿನ ವಿವರಗಳಿಗಾಗಿ ಇ–ಪ್ರೊಕ್ಯೂರ್‌ಮೆಂಟ್ ಪೋರ್ಟಲ್ ಅಥವಾ ನಗರಸಭೆ ಕಛೇರಿಯನ್ನು ಸಂಪರ್ಕಿಸಬಹುದಾಗಿದೆ.
ಸಹಿ/–
ಪೌರಾಯುಕ್ತರು
ನಗರಸಭೆ ರಬಕವಿ–ಬನಹಟ್ಟಿ
ಸಹಿ/–
ಅಧ್ಯಕ್ಷರು
ನಗರಸಭೆ ರಬಕವಿ–ಬನಹಟ್ಟಿ
Edited, Printed and Published by B.T. Amuthan on behalf of M/s Karnataka News Publications (P) Ltd., Printed at No. 12-3-221 Rajendra Gunj (apmc)Near Old SBI Bank Building , Raichur-584102. RNI No. KARKAN/2008/26484 Postal Regd No. 52/2012-2014
